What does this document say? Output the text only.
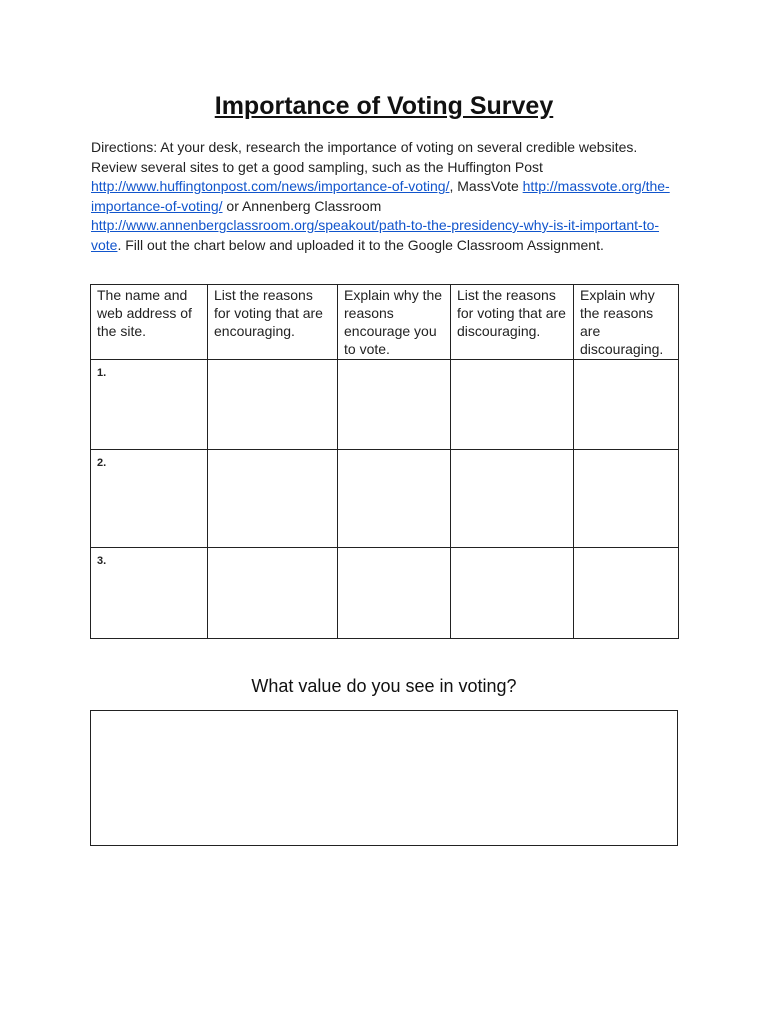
Importance of Voting Survey
Directions: At your desk, research the importance of voting on several credible websites. Review several sites to get a good sampling, such as the Huffington Post http://www.huffingtonpost.com/news/importance-of-voting/, MassVote http://massvote.org/the-importance-of-voting/ or Annenberg Classroom http://www.annenbergclassroom.org/speakout/path-to-the-presidency-why-is-it-important-to-vote. Fill out the chart below and uploaded it to the Google Classroom Assignment.
The name and web address of the site.	List the reasons for voting that are encouraging.	Explain why the reasons encourage you to vote.	List the reasons for voting that are discouraging.	Explain why the reasons are discouraging.

1.				

2.				

3.				

What value do you see in voting?
